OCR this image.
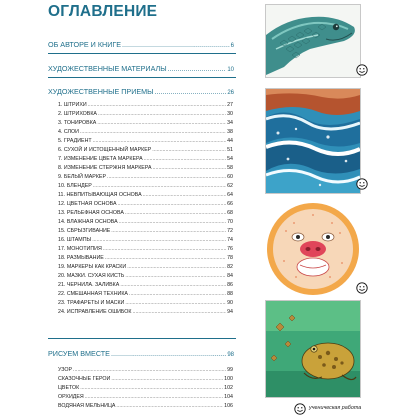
ОГЛАВЛЕНИЕ
ОБ АВТОРЕ И КНИГЕ .....	6
ХУДОЖЕСТВЕННЫЕ МАТЕРИАЛЫ .....	10
ХУДОЖЕСТВЕННЫЕ ПРИЕМЫ .....	26
1. ШТРИХИ .....	27
2. ШТРИХОВКА .....	30
3. ТОНИРОВКА .....	34
4. СЛОИ .....	38
5. ГРАДИЕНТ .....	44
6. СУХОЙ И ИСТОЩЕННЫЙ МАРКЕР .....	51
7. ИЗМЕНЕНИЕ ЦВЕТА МАРКЕРА .....	54
8. ИЗМЕНЕНИЕ СТЕРЖНЯ МАРКЕРА .....	58
9. БЕЛЫЙ МАРКЕР .....	60
10. БЛЕНДЕР .....	62
11. НЕВПИТЫВАЮЩАЯ ОСНОВА .....	64
12. ЦВЕТНАЯ ОСНОВА .....	66
13. РЕЛЬЕФНАЯ ОСНОВА .....	68
14. ВЛАЖНАЯ ОСНОВА .....	70
15. СБРЫЗГИВАНИЕ .....	72
16. ШТАМПЫ .....	74
17. МОНОТИПИЯ .....	76
18. РАЗМЫВАНИЕ .....	78
19. МАРКЕРЫ КАК КРАСКИ .....	82
20. МАЗКИ. СУХАЯ КИСТЬ .....	84
21. ЧЕРНИЛА. ЗАЛИВКА .....	86
22. СМЕШАННАЯ ТЕХНИКА .....	88
23. ТРАФАРЕТЫ И МАСКИ .....	90
24. ИСПРАВЛЕНИЕ ОШИБОК .....	94
РИСУЕМ ВМЕСТЕ .....	98
УЗОР .....	99
СКАЗОЧНЫЕ ГЕРОИ .....	100
ЦВЕТОК .....	102
ОРХИДЕЯ .....	104
ВОДЯНАЯ МЕЛЬНИЦА .....	106	ученическая работа
